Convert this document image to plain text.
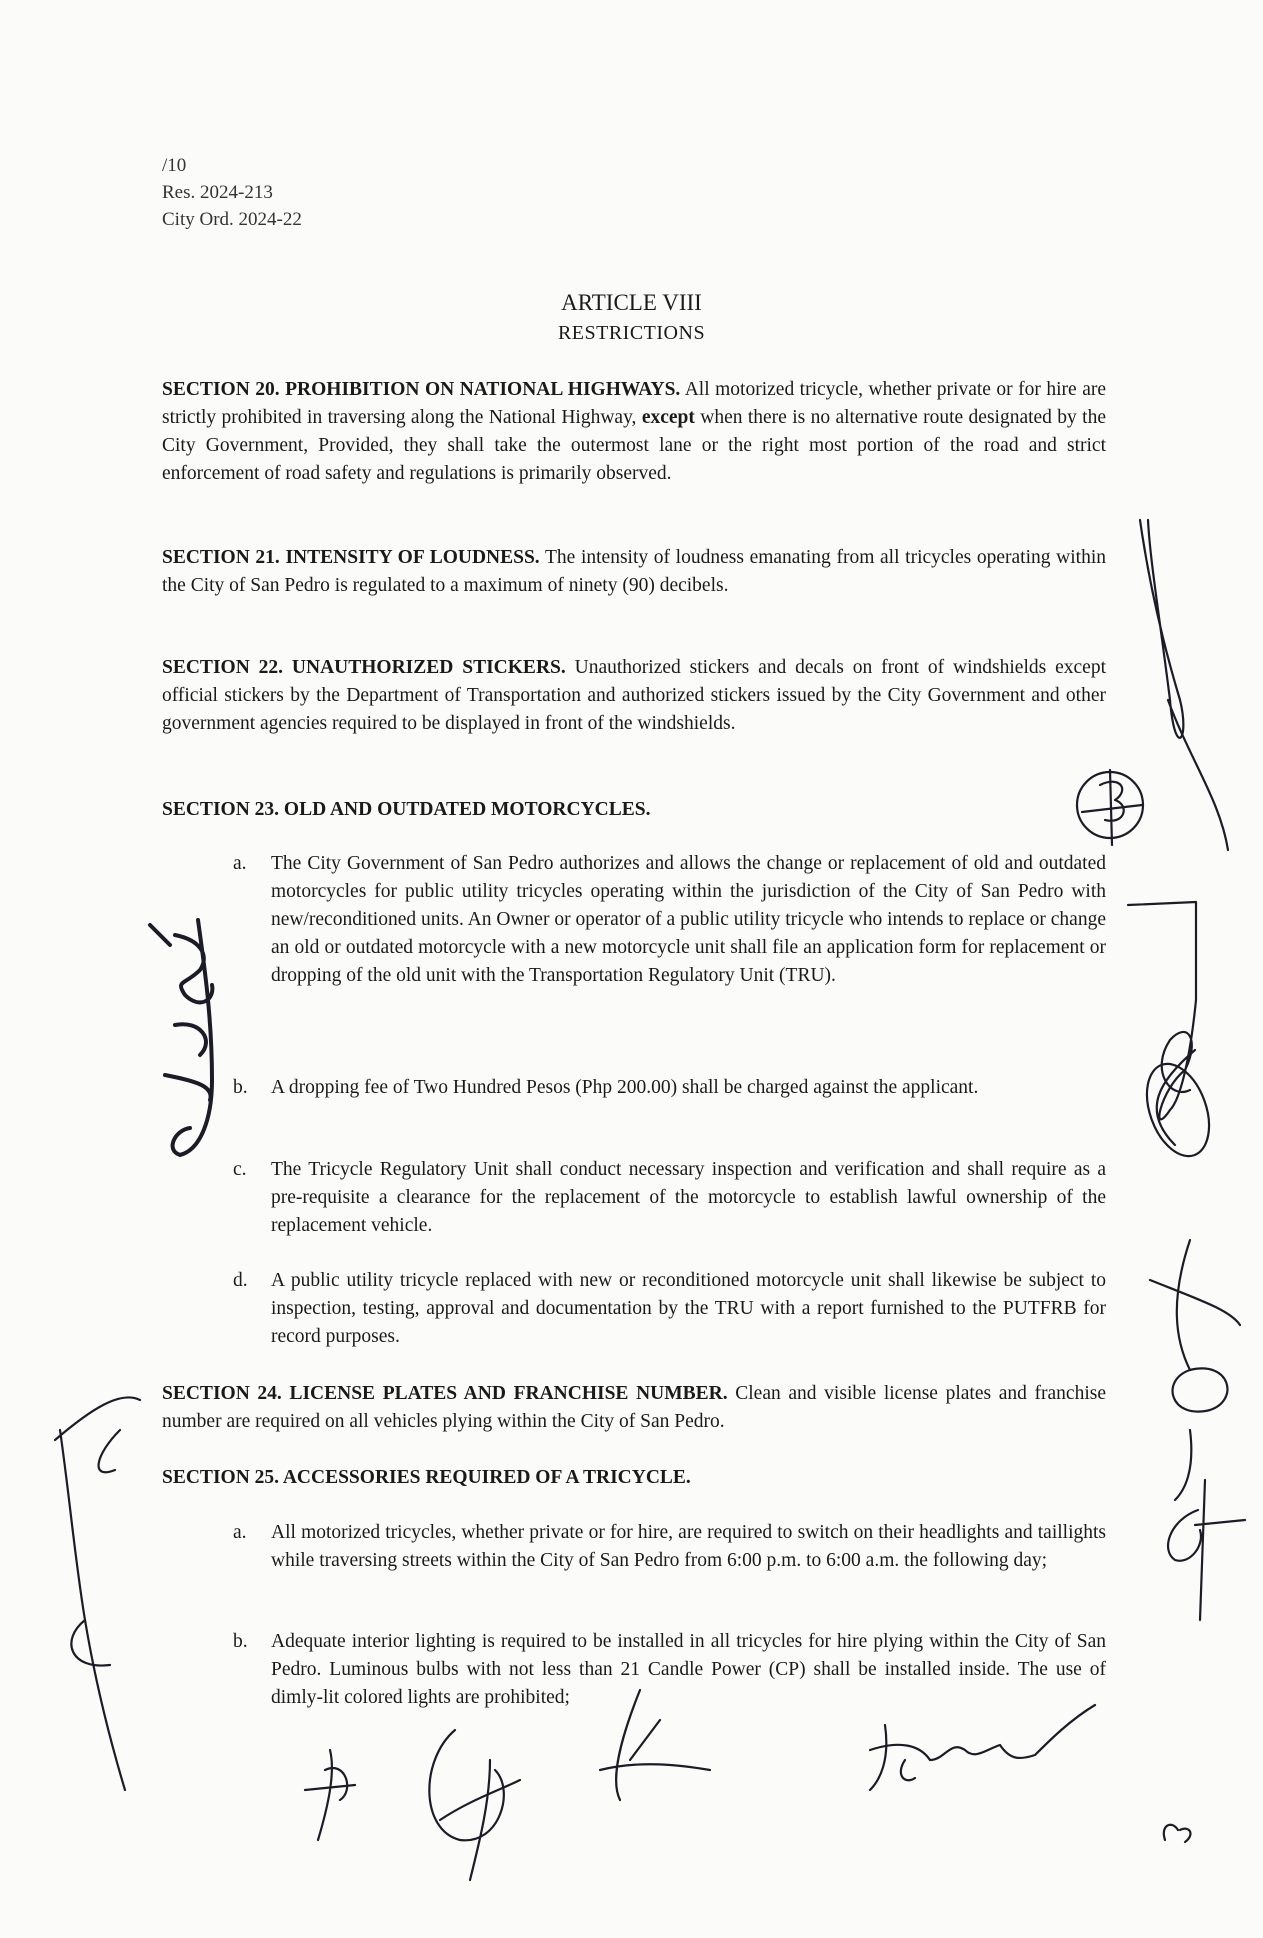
/10
Res. 2024-213
City Ord. 2024-22
ARTICLE VIII
RESTRICTIONS
SECTION 20. PROHIBITION ON NATIONAL HIGHWAYS. All motorized tricycle, whether private or for hire are strictly prohibited in traversing along the National Highway, except when there is no alternative route designated by the City Government, Provided, they shall take the outermost lane or the right most portion of the road and strict enforcement of road safety and regulations is primarily observed.
SECTION 21. INTENSITY OF LOUDNESS. The intensity of loudness emanating from all tricycles operating within the City of San Pedro is regulated to a maximum of ninety (90) decibels.
SECTION 22. UNAUTHORIZED STICKERS. Unauthorized stickers and decals on front of windshields except official stickers by the Department of Transportation and authorized stickers issued by the City Government and other government agencies required to be displayed in front of the windshields.
SECTION 23. OLD AND OUTDATED MOTORCYCLES.
a. The City Government of San Pedro authorizes and allows the change or replacement of old and outdated motorcycles for public utility tricycles operating within the jurisdiction of the City of San Pedro with new/reconditioned units. An Owner or operator of a public utility tricycle who intends to replace or change an old or outdated motorcycle with a new motorcycle unit shall file an application form for replacement or dropping of the old unit with the Transportation Regulatory Unit (TRU).
b. A dropping fee of Two Hundred Pesos (Php 200.00) shall be charged against the applicant.
c. The Tricycle Regulatory Unit shall conduct necessary inspection and verification and shall require as a pre-requisite a clearance for the replacement of the motorcycle to establish lawful ownership of the replacement vehicle.
d. A public utility tricycle replaced with new or reconditioned motorcycle unit shall likewise be subject to inspection, testing, approval and documentation by the TRU with a report furnished to the PUTFRB for record purposes.
SECTION 24. LICENSE PLATES AND FRANCHISE NUMBER. Clean and visible license plates and franchise number are required on all vehicles plying within the City of San Pedro.
SECTION 25. ACCESSORIES REQUIRED OF A TRICYCLE.
a. All motorized tricycles, whether private or for hire, are required to switch on their headlights and taillights while traversing streets within the City of San Pedro from 6:00 p.m. to 6:00 a.m. the following day;
b. Adequate interior lighting is required to be installed in all tricycles for hire plying within the City of San Pedro. Luminous bulbs with not less than 21 Candle Power (CP) shall be installed inside. The use of dimly-lit colored lights are prohibited;
